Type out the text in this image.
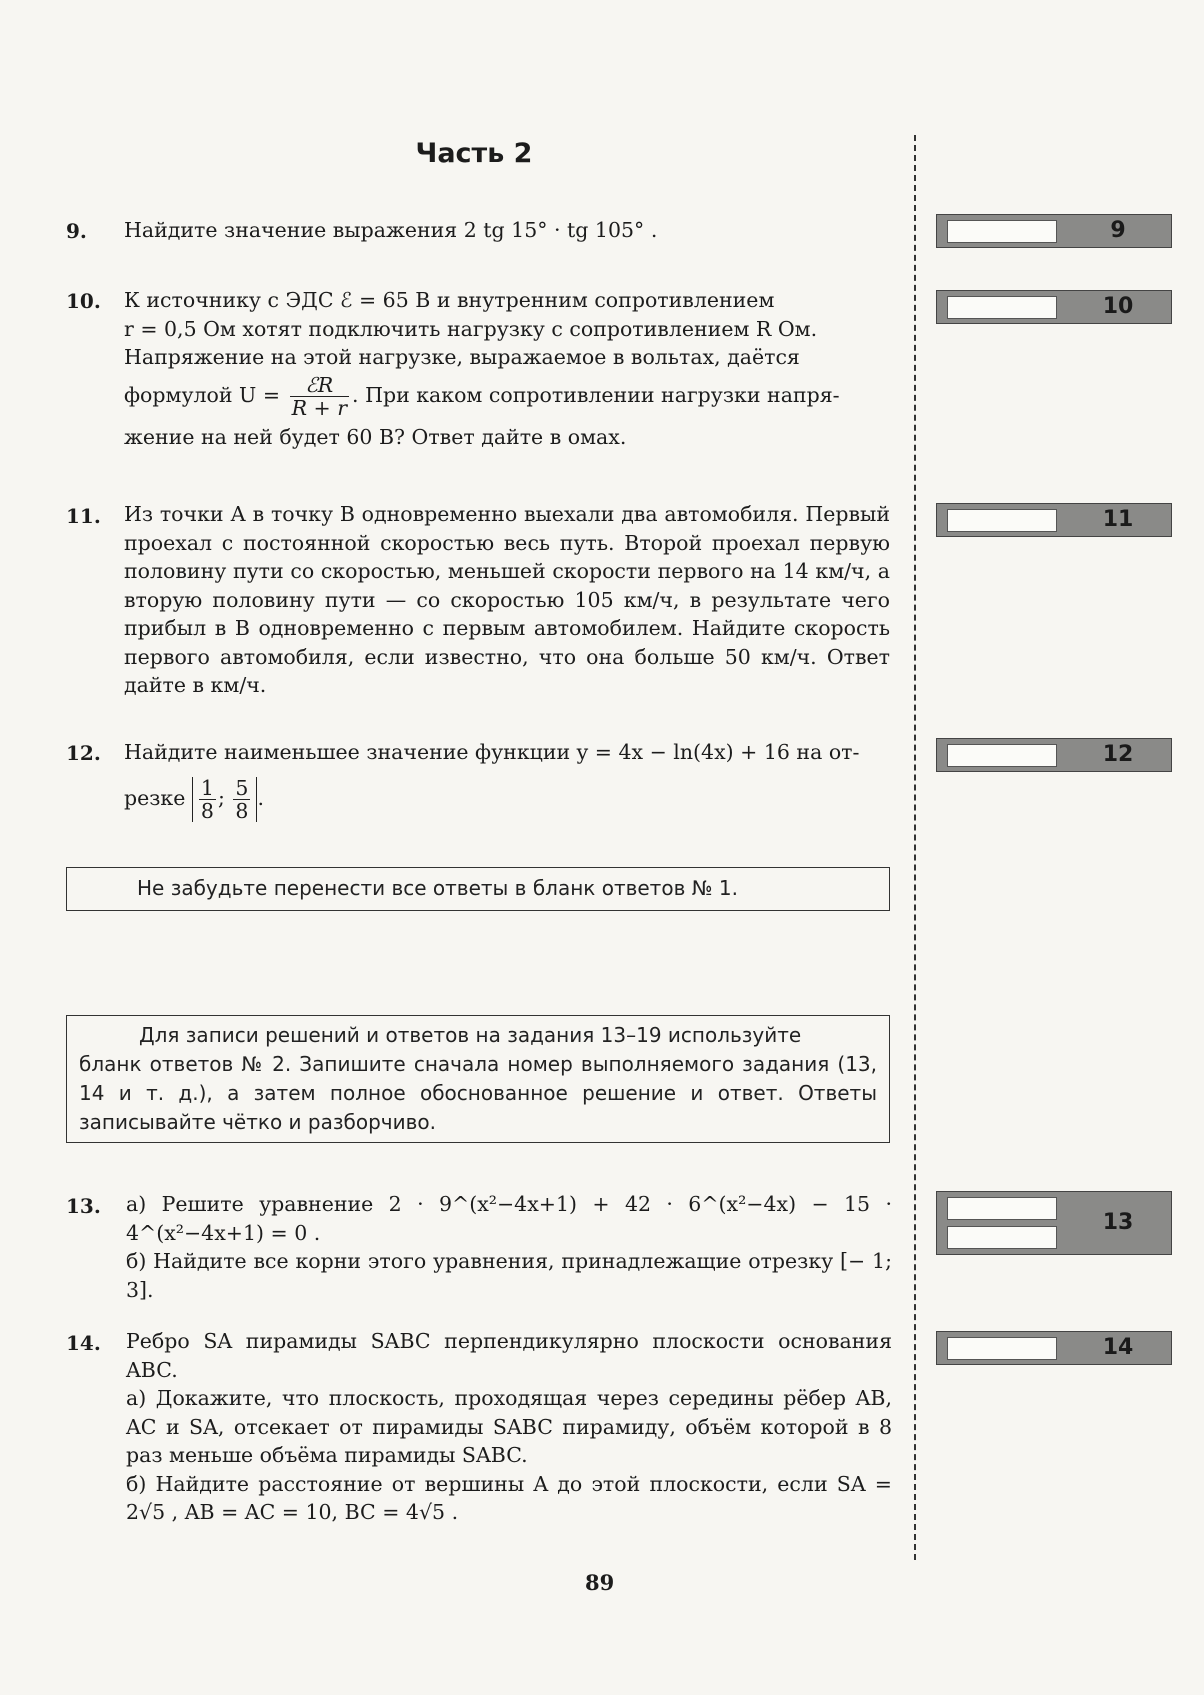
Часть 2
9. Найдите значение выражения 2 tg 15° · tg 105° .
10. К источнику с ЭДС ℰ = 65 В и внутренним сопротивлением

r = 0,5 Ом хотят подключить нагрузку с сопротивлением R Ом.

Напряжение на этой нагрузке, выражаемое в вольтах, даётся

формулой $U = \frac{\text{ℰR}}{R + r}$ . При каком сопротивлении нагрузки напря-

жение на ней будет 60 В? Ответ дайте в омах.

11. Из точки А в точку В одновременно выехали два автомобиля. Первый проехал с постоянной скоростью весь путь. Второй проехал первую половину пути со скоростью, меньшей скорости первого на 14 км/ч, а вторую половину пути — со скоростью 105 км/ч, в результате чего прибыл в В одновременно с первым автомобилем. Найдите скорость первого автомобиля, если известно, что она больше 50 км/ч. Ответ дайте в км/ч.
12. Найдите наименьшее значение функции y = 4x − ln(4x) + 16 на от-

резке $\frac{1}{8}$ ; $\frac{5}{8}$ .

Не забудьте перенести все ответы в бланк ответов № 1.
Для записи решений и ответов на задания 13–19 используйте
бланк ответов № 2. Запишите сначала номер выполняемого задания (13, 14 и т. д.), а затем полное обоснованное решение и ответ. Ответы записывайте чётко и разборчиво.
13. а) Решите уравнение 2 · 9^(x²−4x+1) + 42 · 6^(x²−4x) − 15 · 4^(x²−4x+1) = 0 .

б) Найдите все корни этого уравнения, принадлежащие отрезку [− 1; 3].

14. Ребро SA пирамиды SABC перпендикулярно плоскости основания ABC.

а) Докажите, что плоскость, проходящая через середины рёбер AB, AC и SA, отсекает от пирамиды SABC пирамиду, объём которой в 8 раз меньше объёма пирамиды SABC.

б) Найдите расстояние от вершины A до этой плоскости, если SA = 2√5 , AB = AC = 10, BC = 4√5 .

9
10
11
12
13
14
89
